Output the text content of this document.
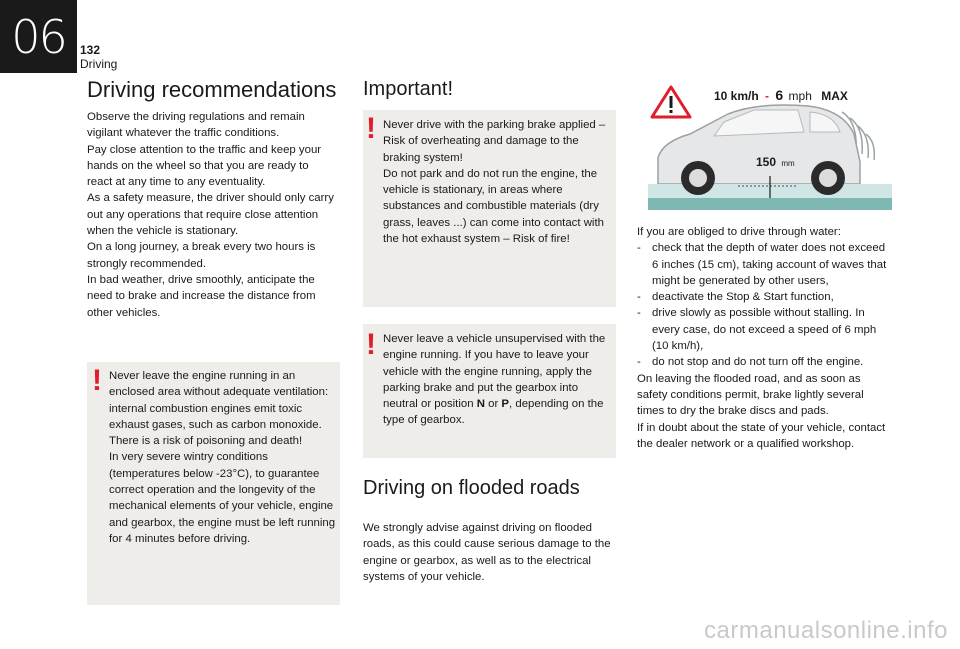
06 132
Driving
Driving recommendations
Observe the driving regulations and remain vigilant whatever the traffic conditions.
Pay close attention to the traffic and keep your hands on the wheel so that you are ready to react at any time to any eventuality.
As a safety measure, the driver should only carry out any operations that require close attention when the vehicle is stationary.
On a long journey, a break every two hours is strongly recommended.
In bad weather, drive smoothly, anticipate the need to brake and increase the distance from other vehicles.
! Never leave the engine running in an enclosed area without adequate ventilation: internal combustion engines emit toxic exhaust gases, such as carbon monoxide. There is a risk of poisoning and death!
In very severe wintry conditions (temperatures below -23°C), to guarantee correct operation and the longevity of the mechanical elements of your vehicle, engine and gearbox, the engine must be left running for 4 minutes before driving.
Important!
! Never drive with the parking brake applied – Risk of overheating and damage to the braking system!
Do not park and do not run the engine, the vehicle is stationary, in areas where substances and combustible materials (dry grass, leaves ...) can come into contact with the hot exhaust system – Risk of fire!
! Never leave a vehicle unsupervised with the engine running. If you have to leave your vehicle with the engine running, apply the parking brake and put the gearbox into neutral or position N or P, depending on the type of gearbox.
Driving on flooded roads
We strongly advise against driving on flooded roads, as this could cause serious damage to the engine or gearbox, as well as to the electrical systems of your vehicle.
10 km/h - 6 mph MAX
150 mm
If you are obliged to drive through water:
- check that the depth of water does not exceed 6 inches (15 cm), taking account of waves that might be generated by other users,
- deactivate the Stop & Start function,
- drive slowly as possible without stalling. In every case, do not exceed a speed of 6 mph (10 km/h),
- do not stop and do not turn off the engine.
On leaving the flooded road, and as soon as safety conditions permit, brake lightly several times to dry the brake discs and pads.
If in doubt about the state of your vehicle, contact the dealer network or a qualified workshop.
carmanualsonline.info
